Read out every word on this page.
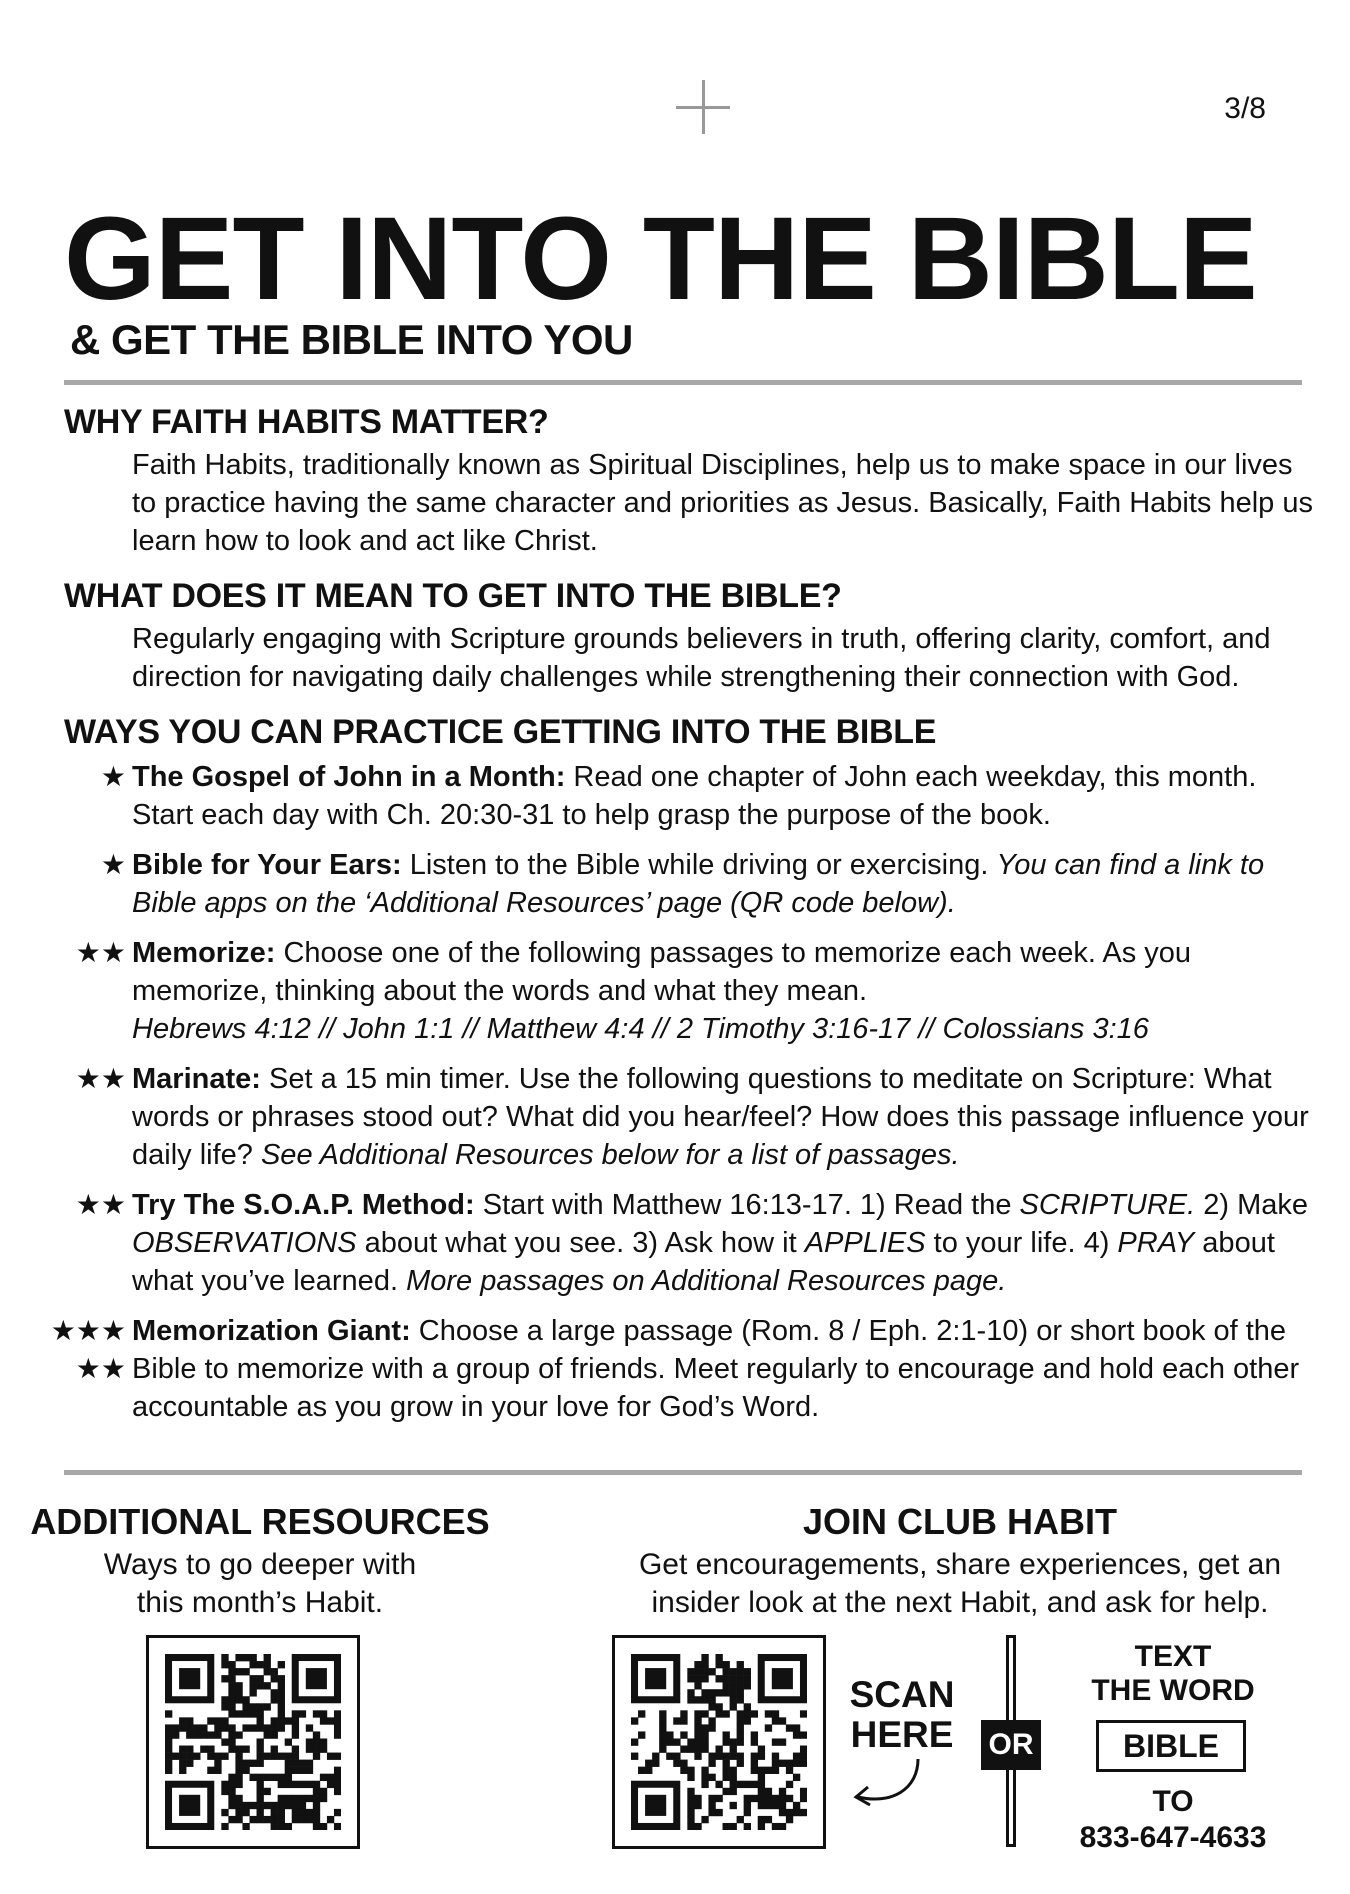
3/8
GET INTO THE BIBLE
& GET THE BIBLE INTO YOU
WHY FAITH HABITS MATTER?

Faith Habits, traditionally known as Spiritual Disciplines, help us to make space in our lives to practice having the same character and priorities as Jesus. Basically, Faith Habits help us learn how to look and act like Christ.

WHAT DOES IT MEAN TO GET INTO THE BIBLE?

Regularly engaging with Scripture grounds believers in truth, offering clarity, comfort, and direction for navigating daily challenges while strengthening their connection with God.

WAYS YOU CAN PRACTICE GETTING INTO THE BIBLE
★ The Gospel of John in a Month: Read one chapter of John each weekday, this month. Start each day with Ch. 20:30-31 to help grasp the purpose of the book.
★ Bible for Your Ears: Listen to the Bible while driving or exercising. You can find a link to Bible apps on the ‘Additional Resources’ page (QR code below).
★★ Memorize: Choose one of the following passages to memorize each week. As you memorize, thinking about the words and what they mean.
Hebrews 4:12 // John 1:1 // Matthew 4:4 // 2 Timothy 3:16-17 // Colossians 3:16
★★ Marinate: Set a 15 min timer. Use the following questions to meditate on Scripture: What words or phrases stood out? What did you hear/feel? How does this passage influence your daily life? See Additional Resources below for a list of passages.
★★ Try The S.O.A.P. Method: Start with Matthew 16:13-17. 1) Read the SCRIPTURE. 2) Make OBSERVATIONS about what you see. 3) Ask how it APPLIES to your life. 4) PRAY about what you’ve learned. More passages on Additional Resources page.
★★★
★★
Memorization Giant: Choose a large passage (Rom. 8 / Eph. 2:1-10) or short book of the Bible to memorize with a group of friends. Meet regularly to encourage and hold each other accountable as you grow in your love for God’s Word.
ADDITIONAL RESOURCES
Ways to go deeper with
this month’s Habit.
JOIN CLUB HABIT
Get encouragements, share experiences, get an
insider look at the next Habit, and ask for help.
SCAN
HERE OR
TEXT
THE WORD
BIBLE
TO
833-647-4633
